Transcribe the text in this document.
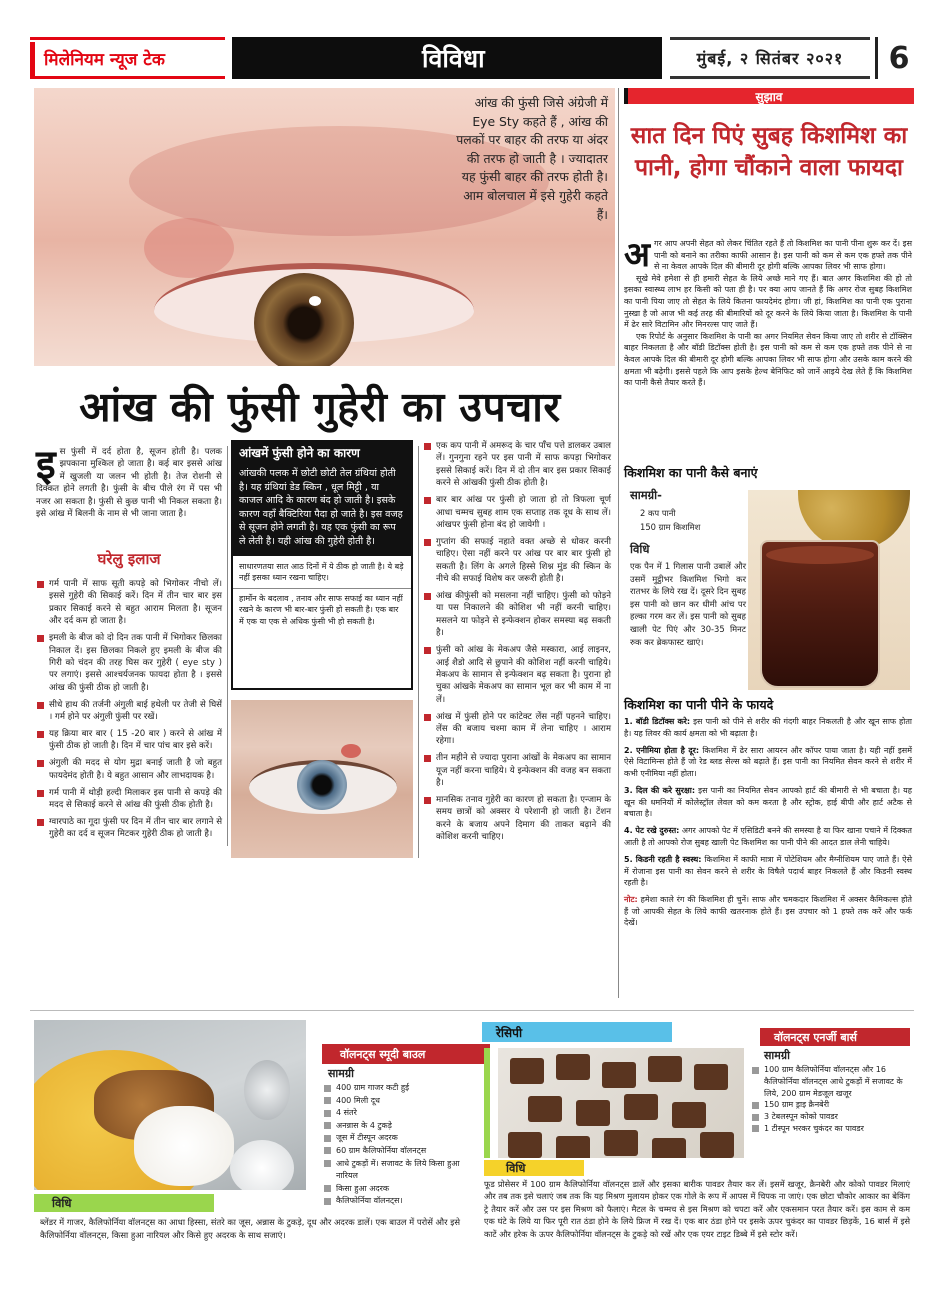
मिलेनियम न्यूज टेक	विविधा	मुंबई, २ सितंबर २०२१	6
आंख की फुंसी जिसे अंग्रेजी में Eye Sty कहते हैं , आंख की पलकों पर बाहर की तरफ या अंदर की तरफ हो जाती है । ज्यादातर यह फुंसी बाहर की तरफ होती है। आम बोलचाल में इसे गुहेरी कहते हैं।
आंख की फुंसी गुहेरी का उपचार
इस फुंसी में दर्द होता है, सूजन होती है। पलक झपकाना मुश्किल हो जाता है। कई बार इससे आंख में खुजली या जलन भी होती है। तेज रोशनी से दिक्कत होने लगती है। फुंसी के बीच पीले रंग में पस भी नजर आ सकता है। फुंसी से कुछ पानी भी निकल सकता है। इसे आंख में बिलनी के नाम से भी जाना जाता है।
घरेलु इलाज
गर्म पानी में साफ सूती कपड़े को भिगोकर नीचो लें। इससे गुहेरी की सिकाई करें। दिन में तीन चार बार इस प्रकार सिकाई करने से बहुत आराम मिलता है। सूजन और दर्द कम हो जाता है।
इमली के बीज को दो दिन तक पानी में भिगोकर छिलका निकाल दें। इस छिलका निकले हुए इमली के बीज की गिरी को चंदन की तरह घिस कर गुहेरी ( eye sty ) पर लगाएं। इससे आश्चर्यजनक फायदा होता है । इससे आंख की फुंसी ठीक हो जाती है।
सीधे हाथ की तर्जनी अंगुली बाई हथेली पर तेजी से घिसें । गर्म होने पर अंगुली फुंसी पर रखें।
यह क्रिया बार बार ( 15 -20 बार ) करने से आंख में फुंसी ठीक हो जाती है। दिन में चार पांच बार इसे करें।
अंगुली की मदद से योग मुद्रा बनाई जाती है जो बहुत फायदेमंद होती है। ये बहुत आसान और लाभदायक है।
गर्म पानी में थोड़ी हल्दी मिलाकर इस पानी से कपड़े की मदद से सिकाई करने से आंख की फुंसी ठीक होती है।
ग्वारपाठे का गूदा फुंसी पर दिन में तीन चार बार लगाने से गुहेरी का दर्द व सूजन मिटकर गुहेरी ठीक हो जाती है।
आंखमें फुंसी होने का कारण
आंखकी पलक में छोटी छोटी तेल ग्रंथियां होती है। यह ग्रंथियां डेड स्किन , धूल मिट्टी , या काजल आदि के कारण बंद हो जाती है। इसके कारण वहाँ बैक्टिरिया पैदा हो जाते है। इस वजह से सूजन होने लगती है। यह एक फुंसी का रूप ले लेती है। यही आंख की गुहेरी होती है।
साधारणतया सात आठ दिनों में ये ठीक हो जाती है। ये बड़े नहीं इसका ध्यान रखना चाहिए।
हार्मोन के बदलाव , तनाव और साफ सफाई का ध्यान नहीं रखने के कारण भी बार-बार फुंसी हो सकती है। एक बार में एक या एक से अधिक फुंसी भी हो सकती है।
एक कप पानी में अमरूद के चार पाँच पत्ते डालकर उबाल लें। गुनगुना रहने पर इस पानी में साफ कपड़ा भिगोकर इससे सिकाई करें। दिन में दो तीन बार इस प्रकार सिकाई करने से आंखकी फुंसी ठीक होती है।
बार बार आंख पर फुंसी हो जाता हो तो त्रिफला चूर्ण आधा चम्मच सुबह शाम एक सप्ताह तक दूध के साथ लें। आंखपर फुंसी होना बंद हो जायेगी ।
गुप्तांग की सफाई नहाते वक्त अच्छे से धोकर करनी चाहिए। ऐसा नहीं करने पर आंख पर बार बार फुंसी हो सकती है। लिंग के अगले हिस्से शिश्न मुंड की स्किन के नीचे की सफाई विशेष कर जरूरी होती है।
आंख कीफुंसी को मसलना नहीं चाहिए। फुंसी को फोड़ने या पस निकालने की कोशिश भी नहीं करनी चाहिए। मसलने या फोड़ने से इन्फेक्शन होकर समस्या बढ़ सकती है।
फुंसी को आंख के मेकअप जैसे मस्कारा, आई लाइनर, आई शैडो आदि से छुपाने की कोशिश नहीं करनी चाहिये। मेकअप के सामान से इन्फेक्शन बढ़ सकता है। पुराना हो चुका आंखके मेकअप का सामान भूल कर भी काम में ना लें।
आंख में फुंसी होने पर कांटेक्ट लेंस नहीं पहनने चाहिए। लेंस की बजाय चश्मा काम में लेना चाहिए । आराम रहेगा।
तीन महीने से ज्यादा पुराना आंखों के मेकअप का सामान यूज नहीं करना चाहिये। ये इन्फेक्शन की वजह बन सकता है।
मानसिक तनाव गुहेरी का कारण हो सकता है। एन्जाम के समय छात्रों को अक्सर ये परेशानी हो जाती है। टेंशन करने के बजाय अपने दिमाग की ताकत बढ़ाने की कोशिश करनी चाहिए।
सुझाव
सात दिन पिएं सुबह किशमिश का पानी, होगा चौंकाने वाला फायदा
अगर आप अपनी सेहत को लेकर चिंतित रहते हैं तो किशमिश का पानी पीना शुरू कर दें। इस पानी को बनाने का तरीका काफी आसान है। इस पानी को कम से कम एक हफ्ते तक पीने से ना केवल आपके दिल की बीमारी दूर होगी बल्कि आपका लिवर भी साफ होगा।
सूखे मेवे हमेशा से ही हमारी सेहत के लिये अच्छे माने गए हैं। बात अगर किशमिश की हो तो इसका स्वास्थ्य लाभ हर किसी को पता ही है। पर क्या आप जानते हैं कि अगर रोज सुबह किशमिश का पानी पिया जाए तो सेहत के लिये कितना फायदेमंद होगा। जी हां, किशमिश का पानी एक पुराना नुस्खा है जो आज भी कई तरह की बीमारियों को दूर करने के लिये किया जाता है। किशमिश के पानी में ढेर सारे विटामिन और मिनरल्स पाए जाते हैं।
एक रिपोर्ट के अनुसार किशमिश के पानी का अगर नियमित सेवन किया जाए तो शरीर से टॉक्सिन बाहर निकलता है और बॉडी डिटॉक्स होती है। इस पानी को कम से कम एक हफ्ते तक पीने से ना केवल आपके दिल की बीमारी दूर होगी बल्कि आपका लिवर भी साफ होगा और उसके काम करने की क्षमता भी बढ़ेगी। इससे पहले कि आप इसके हेल्थ बेनिफिट को जानें आइये देख लेते हैं कि किशमिश का पानी कैसे तैयार करते हैं।
किशमिश का पानी कैसे बनाएं
सामग्री-
2 कप पानी
150 ग्राम किशमिश
विधि
एक पैन में 1 गिलास पानी उबालें और उसमें मुट्ठीभर किशमिश भिगो कर रातभर के लिये रख दें। दूसरे दिन सुबह इस पानी को छान कर धीमी आंच पर हल्का गरम कर लें। इस पानी को सुबह खाली पेट पिएं और 30-35 मिनट रुक कर ब्रेकफास्ट खाएं।
किशमिश का पानी पीने के फायदे
1. बॉडी डिटॉक्स करे: इस पानी को पीने से शरीर की गंदगी बाहर निकलती है और खून साफ होता है। यह लिवर की कार्य क्षमता को भी बढ़ाता है।
2. एनीमिया होता है दूर: किशमिश में ढेर सारा आयरन और कॉपर पाया जाता है। यही नहीं इसमें ऐसे विटामिन्स होते हैं जो रेड ब्लड सेल्स को बढ़ाते हैं। इस पानी का नियमित सेवन करने से शरीर में कभी एनीमिया नहीं होता।
3. दिल की करे सुरक्षा: इस पानी का नियमित सेवन आपको हार्ट की बीमारी से भी बचाता है। यह खून की धमनियों में कोलेस्ट्रॉल लेवल को कम करता है और स्ट्रोक, हाई बीपी और हार्ट अटैक से बचाता है।
4. पेट रखे दुरुस्त: अगर आपको पेट में एसिडिटी बनने की समस्या है या फिर खाना पचाने में दिक्कत आती है तो आपको रोज सुबह खाली पेट किशमिश का पानी पीने की आदत डाल लेनी चाहिये।
5. किडनी रहती है स्वस्थ: किशमिश में काफी मात्रा में पोटेशियम और मैग्नीशियम पाए जाते हैं। ऐसे में रोजाना इस पानी का सेवन करने से शरीर के विषैले पदार्थ बाहर निकलते हैं और किडनी स्वस्थ रहती है।
नोट: हमेशा काले रंग की किशमिश ही चुनें। साफ और चमकदार किशमिश में अक्सर कैमिकल्स होते हैं जो आपकी सेहत के लिये काफी खतरनाक होते हैं। इस उपचार को 1 हफ्ते तक करें और फर्क देखें।
रेसिपी
वॉलनट्स स्मूदी बाउल
सामग्री
400 ग्राम गाजर कटी हुई
400 मिली दूध
4 संतरे
अनन्नास के 4 टुकड़े
जूस में टीस्पून अदरक
60 ग्राम कैलिफोर्निया वॉलनट्स
आधे टुकड़ों में। सजावट के लिये किसा हुआ नारियल
किसा हुआ अदरक
कैलिफोर्निया वॉलनट्स।
विधि
ब्लेंडर में गाजर, कैलिफोर्निया वॉलनट्स का आधा हिस्सा, संतरे का जूस, अन्नास के टुकड़े, दूध और अदरक डालें। एक बाउल में परोसें और इसे कैलिफोर्निया वॉलनट्स, किसा हुआ नारियल और किसे हुए अदरक के साथ सजाएं।
वॉलनट्स एनर्जी बार्स
सामग्री
100 ग्राम कैलिफोर्निया वॉलनट्स और 16 कैलिफोर्निया वॉलनट्स आधे टुकड़ों में सजावट के लिये, 200 ग्राम मेडजूल खजूर
150 ग्राम ड्राइ क्रैनबेरी
3 टेबलस्पून कोको पावडर
1 टीस्पून भरकर चुकंदर का पावडर
विधि
फूड प्रोसेसर में 100 ग्राम कैलिफोर्निया वॉलनट्स डालें और इसका बारीक पावडर तैयार कर लें। इसमें खजूर, क्रैनबेरी और कोको पावडर मिलाएं और तब तक इसे चलाएं जब तक कि यह मिश्रण मुलायम होकर एक गोले के रूप में आपस में चिपक ना जाएं। एक छोटा चौकोर आकार का बेकिंग ट्रे तैयार करें और उस पर इस मिश्रण को फैलाएं। मैटल के चम्मच से इस मिश्रण को चपटा करें और एकसमान परत तैयार करें। इस काम से कम एक घंटे के लिये या फिर पूरी रात ठंडा होने के लिये फ्रिज में रख दें। एक बार ठंडा होने पर इसके ऊपर चुकंदर का पावडर छिड़कें, 16 बार्स में इसे काटें और हरेक के ऊपर कैलिफोर्निया वॉलनट्स के टुकड़े को रखें और एक एयर टाइट डिब्बे में इसे स्टोर करें।
